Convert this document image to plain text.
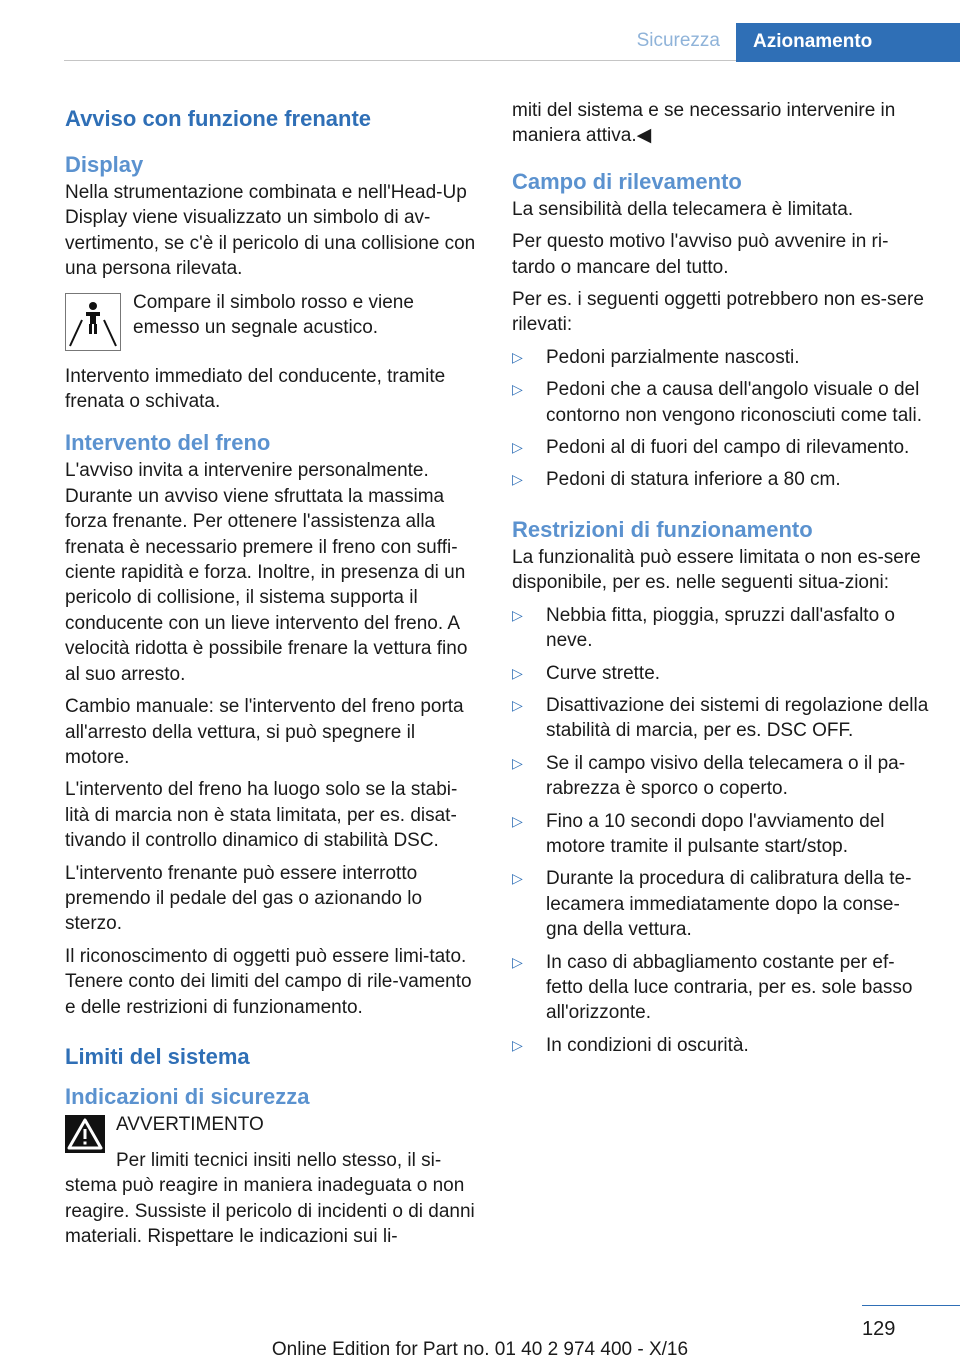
Sicurezza	Azionamento
Avviso con funzione frenante
Display

Nella strumentazione combinata e nell'Head-Up Display viene visualizzato un simbolo di av-vertimento, se c'è il pericolo di una collisione con una persona rilevata.

Compare il simbolo rosso e viene emesso un segnale acustico.

Intervento immediato del conducente, tramite frenata o schivata.

Intervento del freno

L'avviso invita a intervenire personalmente. Durante un avviso viene sfruttata la massima forza frenante. Per ottenere l'assistenza alla frenata è necessario premere il freno con suffi-ciente rapidità e forza. Inoltre, in presenza di un pericolo di collisione, il sistema supporta il conducente con un lieve intervento del freno. A velocità ridotta è possibile frenare la vettura fino al suo arresto.

Cambio manuale: se l'intervento del freno porta all'arresto della vettura, si può spegnere il motore.

L'intervento del freno ha luogo solo se la stabi-lità di marcia non è stata limitata, per es. disat-tivando il controllo dinamico di stabilità DSC.

L'intervento frenante può essere interrotto premendo il pedale del gas o azionando lo sterzo.

Il riconoscimento di oggetti può essere limi-tato. Tenere conto dei limiti del campo di rile-vamento e delle restrizioni di funzionamento.

Limiti del sistema
Indicazioni di sicurezza

AVVERTIMENTO

Per limiti tecnici insiti nello stesso, il si-stema può reagire in maniera inadeguata o non reagire. Sussiste il pericolo di incidenti o di danni materiali. Rispettare le indicazioni sui li-

miti del sistema e se necessario intervenire in maniera attiva.◀

Campo di rilevamento

La sensibilità della telecamera è limitata.

Per questo motivo l'avviso può avvenire in ri-tardo o mancare del tutto.

Per es. i seguenti oggetti potrebbero non es-sere rilevati:

▷ Pedoni parzialmente nascosti.
▷ Pedoni che a causa dell'angolo visuale o del contorno non vengono riconosciuti come tali.
▷ Pedoni al di fuori del campo di rilevamento.
▷ Pedoni di statura inferiore a 80 cm.
Restrizioni di funzionamento

La funzionalità può essere limitata o non es-sere disponibile, per es. nelle seguenti situa-zioni:

▷ Nebbia fitta, pioggia, spruzzi dall'asfalto o neve.
▷ Curve strette.
▷ Disattivazione dei sistemi di regolazione della stabilità di marcia, per es. DSC OFF.
▷ Se il campo visivo della telecamera o il pa-rabrezza è sporco o coperto.
▷ Fino a 10 secondi dopo l'avviamento del motore tramite il pulsante start/stop.
▷ Durante la procedura di calibratura della te-lecamera immediatamente dopo la conse-gna della vettura.
▷ In caso di abbagliamento costante per ef-fetto della luce contraria, per es. sole basso all'orizzonte.
▷ In condizioni di oscurità.
129
Online Edition for Part no. 01 40 2 974 400 - X/16
